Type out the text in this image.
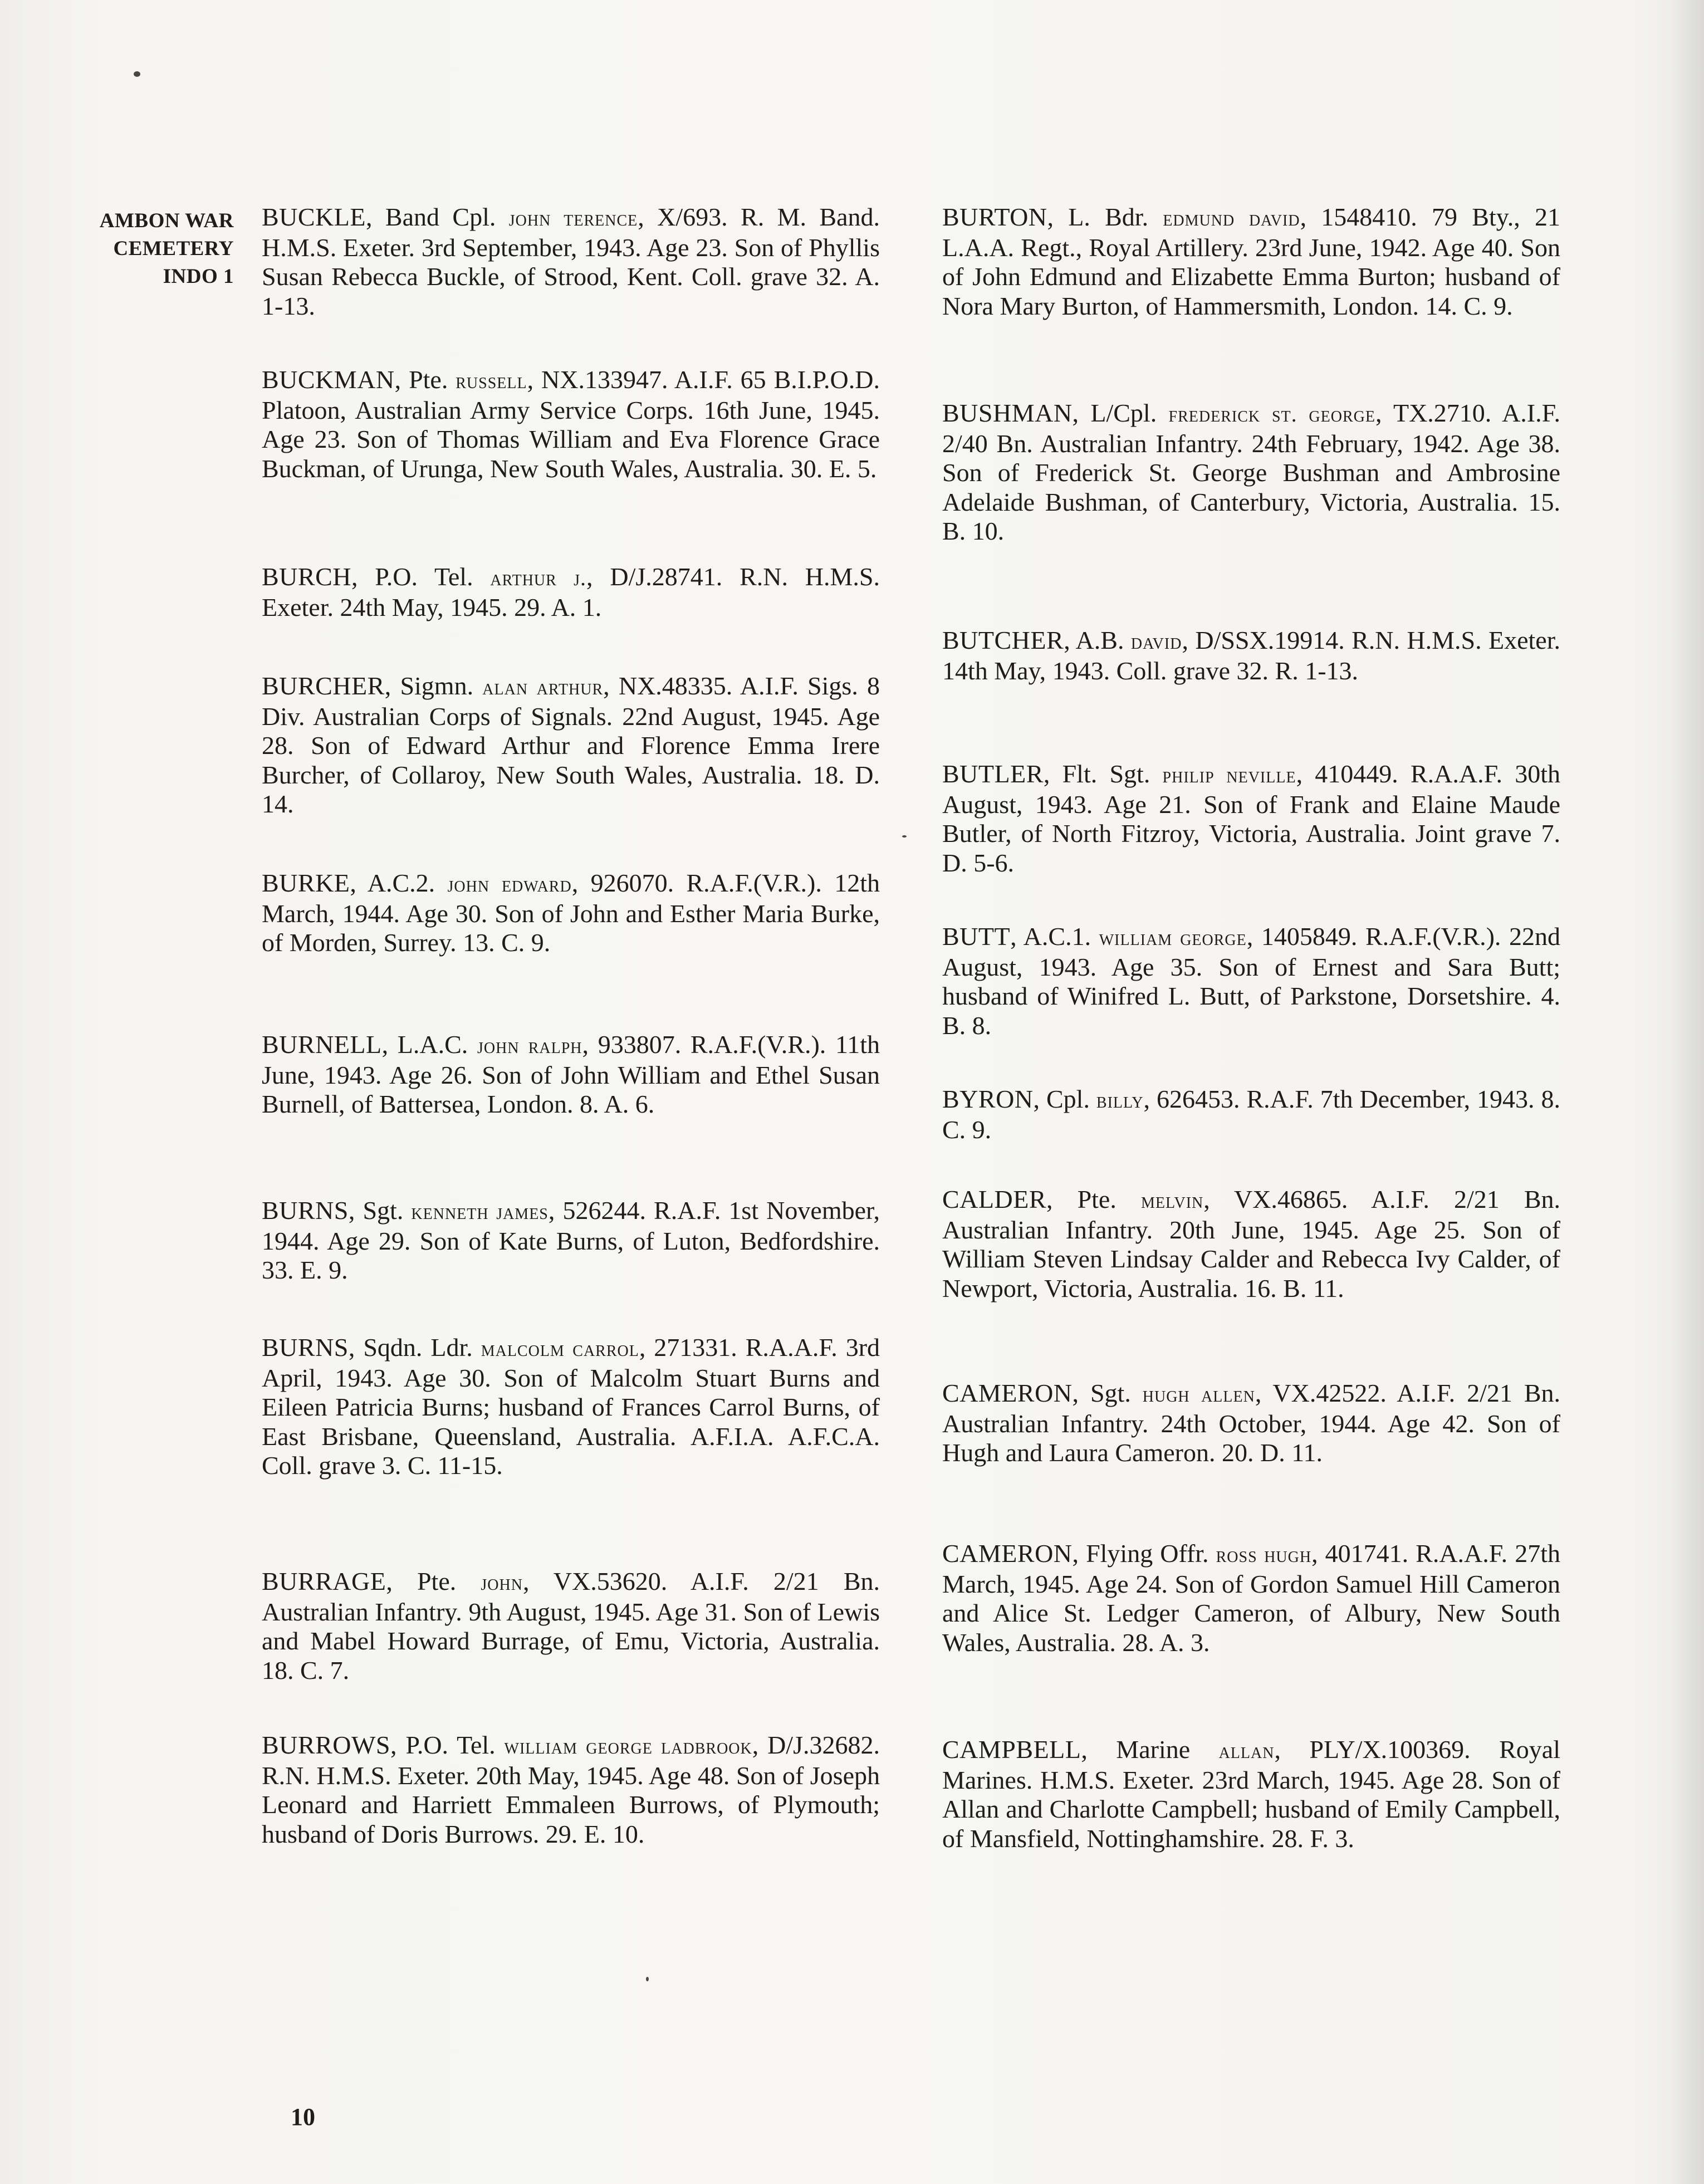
AMBON WAR
CEMETERY
INDO 1
BUCKLE, Band Cpl. john terence, X/693. R. M. Band. H.M.S. Exeter. 3rd September, 1943. Age 23. Son of Phyllis Susan Rebecca Buckle, of Strood, Kent. Coll. grave 32. A. 1-13.
BUCKMAN, Pte. russell, NX.133947. A.I.F. 65 B.I.P.O.D. Platoon, Australian Army Service Corps. 16th June, 1945. Age 23. Son of Thomas William and Eva Florence Grace Buckman, of Urunga, New South Wales, Australia. 30. E. 5.
BURCH, P.O. Tel. arthur j., D/J.28741. R.N. H.M.S. Exeter. 24th May, 1945. 29. A. 1.
BURCHER, Sigmn. alan arthur, NX.48335. A.I.F. Sigs. 8 Div. Australian Corps of Signals. 22nd August, 1945. Age 28. Son of Edward Arthur and Florence Emma Irere Burcher, of Collaroy, New South Wales, Australia. 18. D. 14.
BURKE, A.C.2. john edward, 926070. R.A.F.(V.R.). 12th March, 1944. Age 30. Son of John and Esther Maria Burke, of Morden, Surrey. 13. C. 9.
BURNELL, L.A.C. john ralph, 933807. R.A.F.(V.R.). 11th June, 1943. Age 26. Son of John William and Ethel Susan Burnell, of Battersea, London. 8. A. 6.
BURNS, Sgt. kenneth james, 526244. R.A.F. 1st November, 1944. Age 29. Son of Kate Burns, of Luton, Bedfordshire. 33. E. 9.
BURNS, Sqdn. Ldr. malcolm carrol, 271331. R.A.A.F. 3rd April, 1943. Age 30. Son of Malcolm Stuart Burns and Eileen Patricia Burns; husband of Frances Carrol Burns, of East Brisbane, Queensland, Australia. A.F.I.A. A.F.C.A. Coll. grave 3. C. 11-15.
BURRAGE, Pte. john, VX.53620. A.I.F. 2/21 Bn. Australian Infantry. 9th August, 1945. Age 31. Son of Lewis and Mabel Howard Burrage, of Emu, Victoria, Australia. 18. C. 7.
BURROWS, P.O. Tel. william george ladbrook, D/J.32682. R.N. H.M.S. Exeter. 20th May, 1945. Age 48. Son of Joseph Leonard and Harriett Emmaleen Burrows, of Plymouth; husband of Doris Burrows. 29. E. 10.
BURTON, L. Bdr. edmund david, 1548410. 79 Bty., 21 L.A.A. Regt., Royal Artillery. 23rd June, 1942. Age 40. Son of John Edmund and Elizabette Emma Burton; husband of Nora Mary Burton, of Hammersmith, London. 14. C. 9.
BUSHMAN, L/Cpl. frederick st. george, TX.2710. A.I.F. 2/40 Bn. Australian Infantry. 24th February, 1942. Age 38. Son of Frederick St. George Bushman and Ambrosine Adelaide Bushman, of Canterbury, Victoria, Australia. 15. B. 10.
BUTCHER, A.B. david, D/SSX.19914. R.N. H.M.S. Exeter. 14th May, 1943. Coll. grave 32. R. 1-13.
BUTLER, Flt. Sgt. philip neville, 410449. R.A.A.F. 30th August, 1943. Age 21. Son of Frank and Elaine Maude Butler, of North Fitzroy, Victoria, Australia. Joint grave 7. D. 5-6.
BUTT, A.C.1. william george, 1405849. R.A.F.(V.R.). 22nd August, 1943. Age 35. Son of Ernest and Sara Butt; husband of Winifred L. Butt, of Parkstone, Dorsetshire. 4. B. 8.
BYRON, Cpl. billy, 626453. R.A.F. 7th December, 1943. 8. C. 9.
CALDER, Pte. melvin, VX.46865. A.I.F. 2/21 Bn. Australian Infantry. 20th June, 1945. Age 25. Son of William Steven Lindsay Calder and Rebecca Ivy Calder, of Newport, Victoria, Australia. 16. B. 11.
CAMERON, Sgt. hugh allen, VX.42522. A.I.F. 2/21 Bn. Australian Infantry. 24th October, 1944. Age 42. Son of Hugh and Laura Cameron. 20. D. 11.
CAMERON, Flying Offr. ross hugh, 401741. R.A.A.F. 27th March, 1945. Age 24. Son of Gordon Samuel Hill Cameron and Alice St. Ledger Cameron, of Albury, New South Wales, Australia. 28. A. 3.
CAMPBELL, Marine allan, PLY/X.100369. Royal Marines. H.M.S. Exeter. 23rd March, 1945. Age 28. Son of Allan and Charlotte Campbell; husband of Emily Campbell, of Mansfield, Nottinghamshire. 28. F. 3.
10
